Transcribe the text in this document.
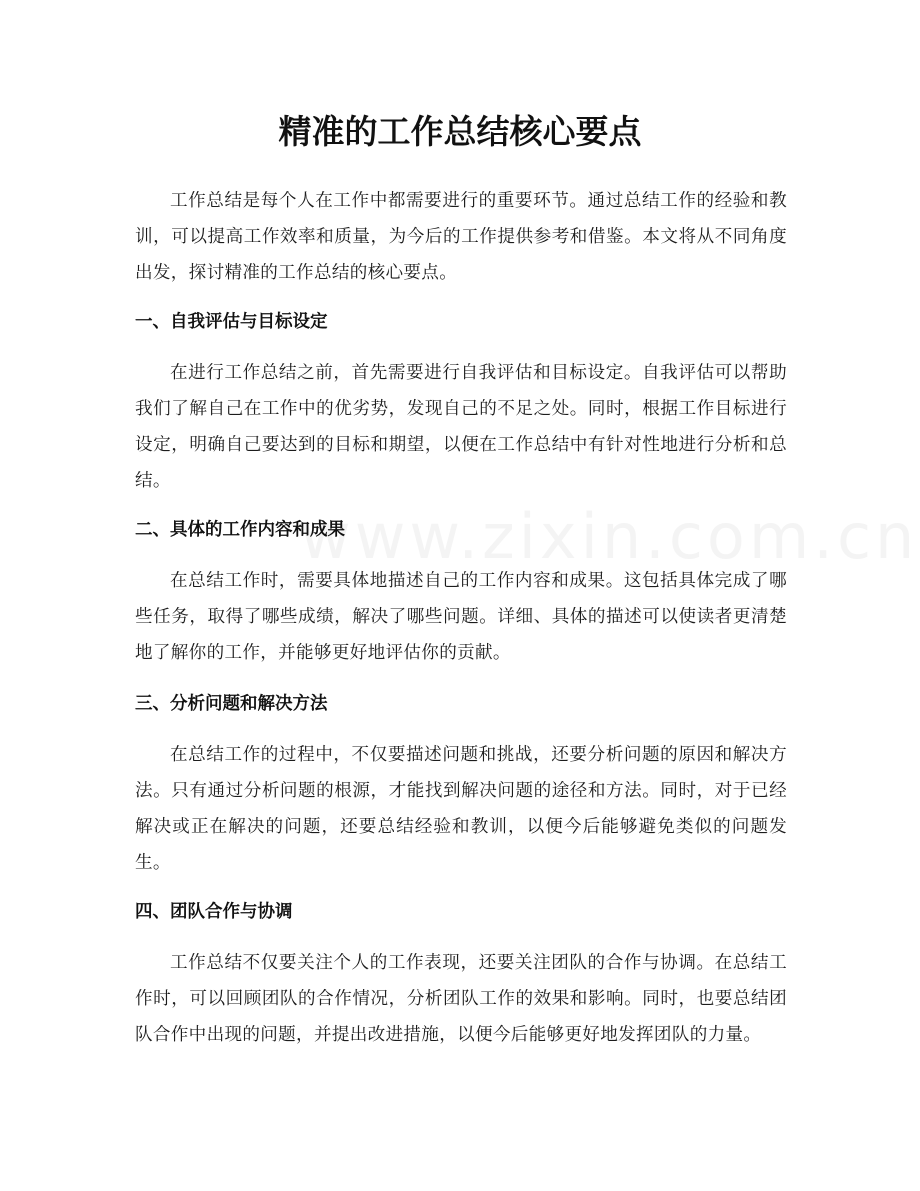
www.zixin.com.cn
精准的工作总结核心要点

工作总结是每个人在工作中都需要进行的重要环节。通过总结工作的经验和教训，可以提高工作效率和质量，为今后的工作提供参考和借鉴。本文将从不同角度出发，探讨精准的工作总结的核心要点。

一、自我评估与目标设定

在进行工作总结之前，首先需要进行自我评估和目标设定。自我评估可以帮助我们了解自己在工作中的优劣势，发现自己的不足之处。同时，根据工作目标进行设定，明确自己要达到的目标和期望，以便在工作总结中有针对性地进行分析和总结。

二、具体的工作内容和成果

在总结工作时，需要具体地描述自己的工作内容和成果。这包括具体完成了哪些任务，取得了哪些成绩，解决了哪些问题。详细、具体的描述可以使读者更清楚地了解你的工作，并能够更好地评估你的贡献。

三、分析问题和解决方法

在总结工作的过程中，不仅要描述问题和挑战，还要分析问题的原因和解决方法。只有通过分析问题的根源，才能找到解决问题的途径和方法。同时，对于已经解决或正在解决的问题，还要总结经验和教训，以便今后能够避免类似的问题发生。

四、团队合作与协调

工作总结不仅要关注个人的工作表现，还要关注团队的合作与协调。在总结工作时，可以回顾团队的合作情况，分析团队工作的效果和影响。同时，也要总结团队合作中出现的问题，并提出改进措施，以便今后能够更好地发挥团队的力量。
